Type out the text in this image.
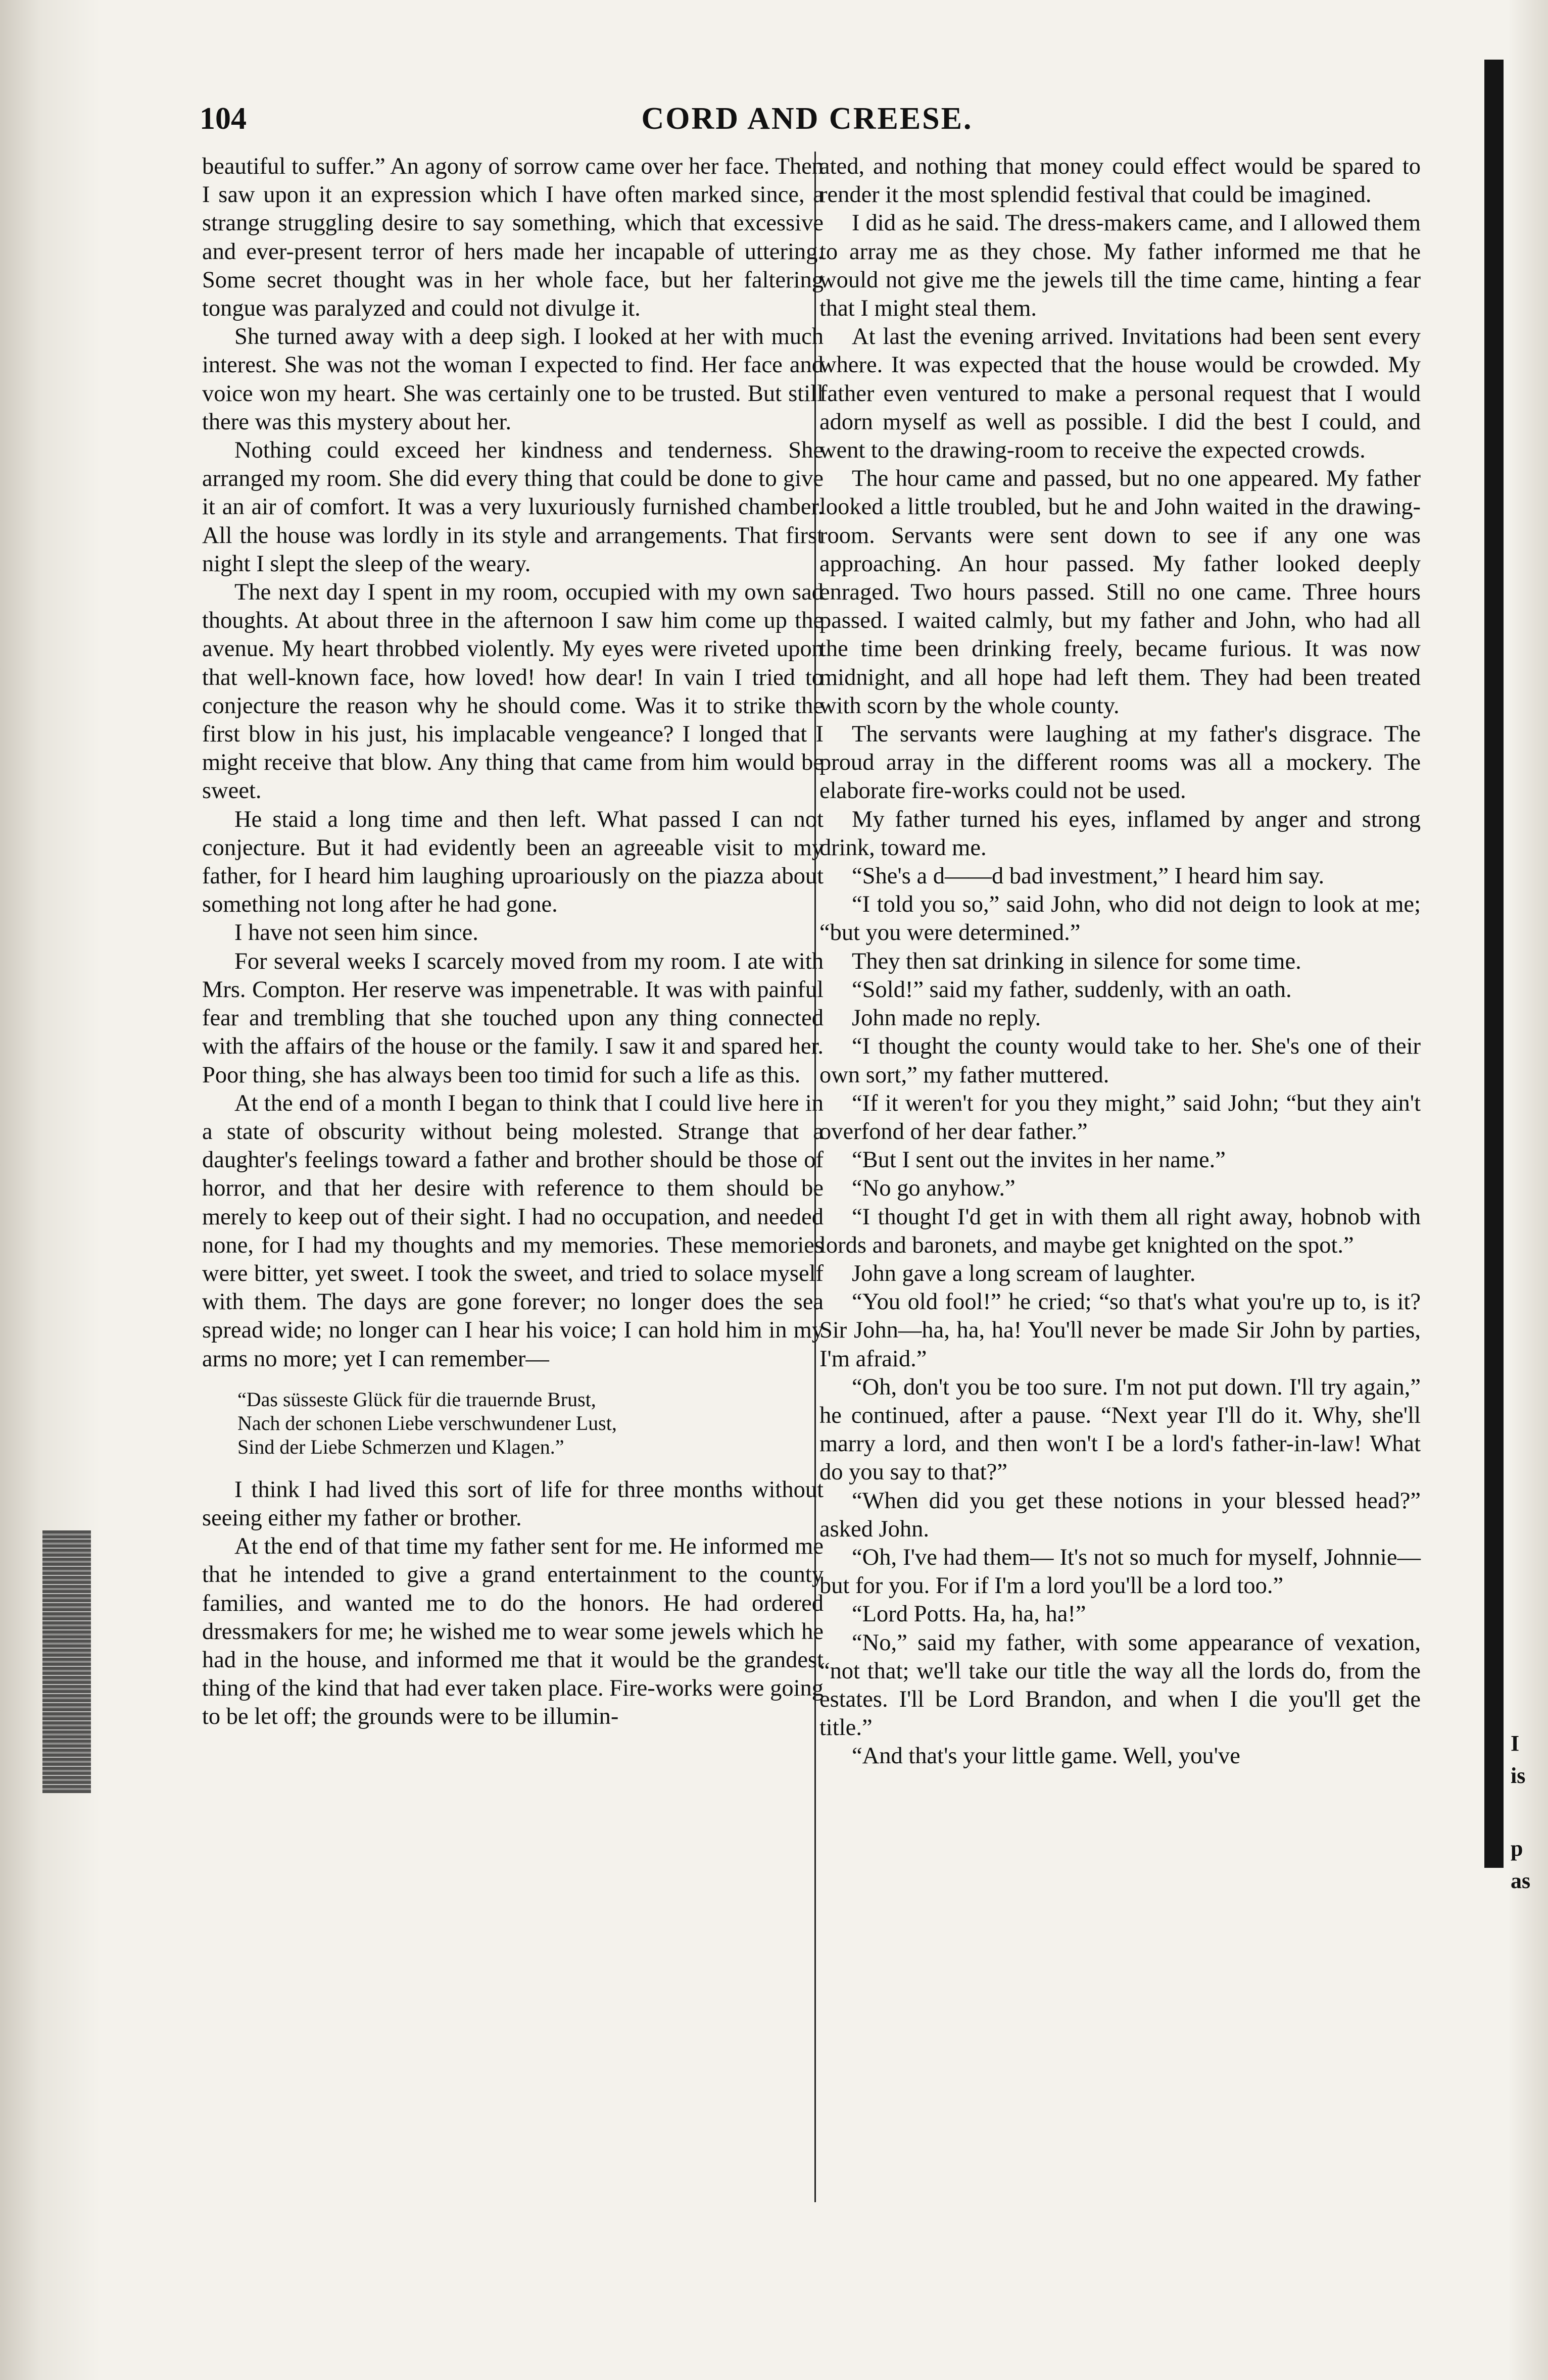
104	CORD AND CREESE.

beautiful to suffer.” An agony of sorrow came over her face. Then I saw upon it an expression which I have often marked since, a strange struggling desire to say something, which that excessive and ever-present terror of hers made her incapable of uttering. Some secret thought was in her whole face, but her faltering tongue was paralyzed and could not divulge it.

She turned away with a deep sigh. I looked at her with much interest. She was not the woman I expected to find. Her face and voice won my heart. She was certainly one to be trusted. But still there was this mystery about her.

Nothing could exceed her kindness and tenderness. She arranged my room. She did every thing that could be done to give it an air of comfort. It was a very luxuriously furnished chamber. All the house was lordly in its style and arrangements. That first night I slept the sleep of the weary.

The next day I spent in my room, occupied with my own sad thoughts. At about three in the afternoon I saw him come up the avenue. My heart throbbed violently. My eyes were riveted upon that well-known face, how loved! how dear! In vain I tried to conjecture the reason why he should come. Was it to strike the first blow in his just, his implacable vengeance? I longed that I might receive that blow. Any thing that came from him would be sweet.

He staid a long time and then left. What passed I can not conjecture. But it had evidently been an agreeable visit to my father, for I heard him laughing uproariously on the piazza about something not long after he had gone.

I have not seen him since.

For several weeks I scarcely moved from my room. I ate with Mrs. Compton. Her reserve was impenetrable. It was with painful fear and trembling that she touched upon any thing connected with the affairs of the house or the family. I saw it and spared her. Poor thing, she has always been too timid for such a life as this.

At the end of a month I began to think that I could live here in a state of obscurity without being molested. Strange that a daughter's feelings toward a father and brother should be those of horror, and that her desire with reference to them should be merely to keep out of their sight. I had no occupation, and needed none, for I had my thoughts and my memories. These memories were bitter, yet sweet. I took the sweet, and tried to solace myself with them. The days are gone forever; no longer does the sea spread wide; no longer can I hear his voice; I can hold him in my arms no more; yet I can remember—

“Das süsseste Glück für die trauernde Brust,
Nach der schonen Liebe verschwundener Lust,
Sind der Liebe Schmerzen und Klagen.”

I think I had lived this sort of life for three months without seeing either my father or brother.

At the end of that time my father sent for me. He informed me that he intended to give a grand entertainment to the county families, and wanted me to do the honors. He had ordered dressmakers for me; he wished me to wear some jewels which he had in the house, and informed me that it would be the grandest thing of the kind that had ever taken place. Fire-works were going to be let off; the grounds were to be illumin-

ated, and nothing that money could effect would be spared to render it the most splendid festival that could be imagined.

I did as he said. The dress-makers came, and I allowed them to array me as they chose. My father informed me that he would not give me the jewels till the time came, hinting a fear that I might steal them.

At last the evening arrived. Invitations had been sent every where. It was expected that the house would be crowded. My father even ventured to make a personal request that I would adorn myself as well as possible. I did the best I could, and went to the drawing-room to receive the expected crowds.

The hour came and passed, but no one appeared. My father looked a little troubled, but he and John waited in the drawing-room. Servants were sent down to see if any one was approaching. An hour passed. My father looked deeply enraged. Two hours passed. Still no one came. Three hours passed. I waited calmly, but my father and John, who had all the time been drinking freely, became furious. It was now midnight, and all hope had left them. They had been treated with scorn by the whole county.

The servants were laughing at my father's disgrace. The proud array in the different rooms was all a mockery. The elaborate fire-works could not be used.

My father turned his eyes, inflamed by anger and strong drink, toward me.

“She's a d——d bad investment,” I heard him say.

“I told you so,” said John, who did not deign to look at me; “but you were determined.”

They then sat drinking in silence for some time.

“Sold!” said my father, suddenly, with an oath.

John made no reply.

“I thought the county would take to her. She's one of their own sort,” my father muttered.

“If it weren't for you they might,” said John; “but they ain't overfond of her dear father.”

“But I sent out the invites in her name.”

“No go anyhow.”

“I thought I'd get in with them all right away, hobnob with lords and baronets, and maybe get knighted on the spot.”

John gave a long scream of laughter.

“You old fool!” he cried; “so that's what you're up to, is it? Sir John—ha, ha, ha! You'll never be made Sir John by parties, I'm afraid.”

“Oh, don't you be too sure. I'm not put down. I'll try again,” he continued, after a pause. “Next year I'll do it. Why, she'll marry a lord, and then won't I be a lord's father-in-law! What do you say to that?”

“When did you get these notions in your blessed head?” asked John.

“Oh, I've had them— It's not so much for myself, Johnnie—but for you. For if I'm a lord you'll be a lord too.”

“Lord Potts. Ha, ha, ha!”

“No,” said my father, with some appearance of vexation, “not that; we'll take our title the way all the lords do, from the estates. I'll be Lord Brandon, and when I die you'll get the title.”

“And that's your little game. Well, you've	I
is
p
as
